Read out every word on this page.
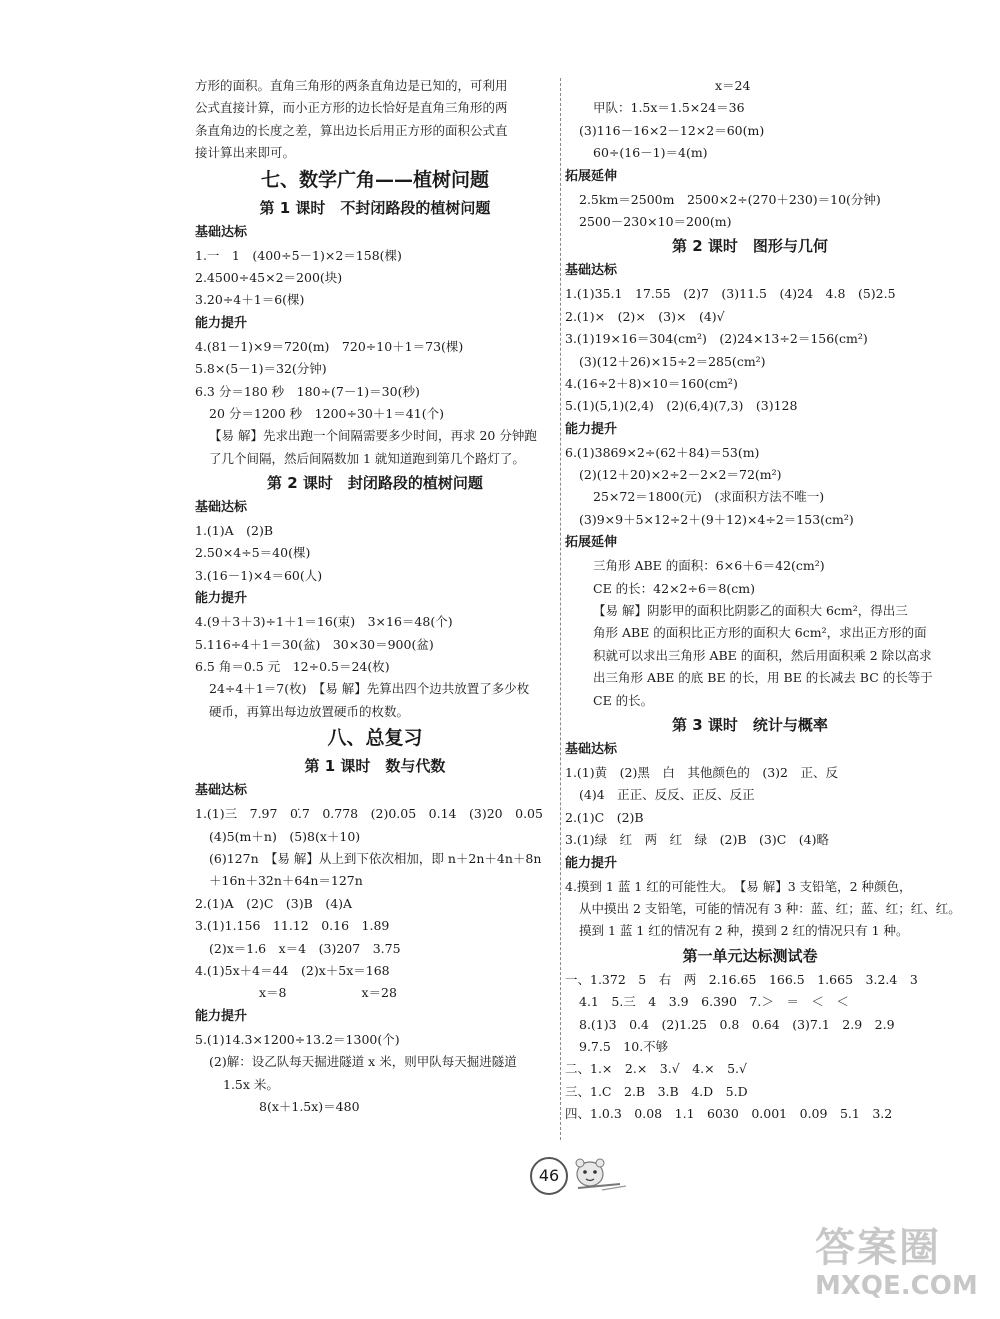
方形的面积。直角三角形的两条直角边是已知的，可利用
公式直接计算，而小正方形的边长恰好是直角三角形的两
条直角边的长度之差，算出边长后用正方形的面积公式直
接计算出来即可。
七、数学广角——植树问题
第 1 课时　不封闭路段的植树问题
基础达标
1.一　1　(400÷5－1)×2＝158(棵)
2.4500÷45×2＝200(块)
3.20÷4＋1＝6(棵)
能力提升
4.(81－1)×9＝720(m)　720÷10＋1＝73(棵)
5.8×(5－1)＝32(分钟)
6.3 分＝180 秒　180÷(7－1)＝30(秒)
20 分＝1200 秒　1200÷30＋1＝41(个)
【易 解】先求出跑一个间隔需要多少时间，再求 20 分钟跑
了几个间隔，然后间隔数加 1 就知道跑到第几个路灯了。
第 2 课时　封闭路段的植树问题
基础达标
1.(1)A　(2)B
2.50×4÷5＝40(棵)
3.(16－1)×4＝60(人)
能力提升
4.(9＋3＋3)÷1＋1＝16(束)　3×16＝48(个)
5.116÷4＋1＝30(盆)　30×30＝900(盆)
6.5 角＝0.5 元　12÷0.5＝24(枚)
24÷4＋1＝7(枚)　【易 解】先算出四个边共放置了多少枚
硬币，再算出每边放置硬币的枚数。
八、总复习
第 1 课时　数与代数
基础达标
1.(1)三　7.97　0.̇7　0.778　(2)0.05　0.14　(3)20　0.05
(4)5(m＋n)　(5)8(x＋10)
(6)127n　【易 解】从上到下依次相加，即 n＋2n＋4n＋8n
＋16n＋32n＋64n＝127n
2.(1)A　(2)C　(3)B　(4)A
3.(1)1.156　11.12　0.16　1.89
(2)x＝1.6　x＝4　(3)207　3.75
4.(1)5x＋4＝44　(2)x＋5x＝168
x＝8　　　　　　x＝28
能力提升
5.(1)14.3×1200÷13.2＝1300(个)
(2)解：设乙队每天掘进隧道 x 米，则甲队每天掘进隧道
1.5x 米。
8(x＋1.5x)＝480
x＝24
甲队：1.5x＝1.5×24＝36
(3)116－16×2－12×2＝60(m)
60÷(16－1)＝4(m)
拓展延伸
2.5km＝2500m　2500×2÷(270＋230)＝10(分钟)
2500－230×10＝200(m)
第 2 课时　图形与几何
基础达标
1.(1)35.1　17.55　(2)7　(3)11.5　(4)24　4.8　(5)2.5
2.(1)×　(2)×　(3)×　(4)√
3.(1)19×16＝304(cm²)　(2)24×13÷2＝156(cm²)
(3)(12＋26)×15÷2＝285(cm²)
4.(16÷2＋8)×10＝160(cm²)
5.(1)(5,1)(2,4)　(2)(6,4)(7,3)　(3)128
能力提升
6.(1)3869×2÷(62＋84)＝53(m)
(2)(12＋20)×2÷2－2×2＝72(m²)
25×72＝1800(元)　(求面积方法不唯一)
(3)9×9＋5×12÷2＋(9＋12)×4÷2＝153(cm²)
拓展延伸
三角形 ABE 的面积：6×6＋6＝42(cm²)
CE 的长：42×2÷6＝8(cm)
【易 解】阴影甲的面积比阴影乙的面积大 6cm²，得出三
角形 ABE 的面积比正方形的面积大 6cm²，求出正方形的面
积就可以求出三角形 ABE 的面积，然后用面积乘 2 除以高求
出三角形 ABE 的底 BE 的长，用 BE 的长减去 BC 的长等于
CE 的长。
第 3 课时　统计与概率
基础达标
1.(1)黄　(2)黑　白　其他颜色的　(3)2　正、反
(4)4　正正、反反、正反、反正
2.(1)C　(2)B
3.(1)绿　红　两　红　绿　(2)B　(3)C　(4)略
能力提升
4.摸到 1 蓝 1 红的可能性大。　【易 解】3 支铅笔，2 种颜色，
从中摸出 2 支铅笔，可能的情况有 3 种：蓝、红；蓝、红；红、红。
摸到 1 蓝 1 红的情况有 2 种，摸到 2 红的情况只有 1 种。
第一单元达标测试卷
一、1.372　5　右　两　2.16.65　166.5　1.665　3.2.4　3
4.1　5.三　4　3.9　6.390　7.＞　＝　＜　＜
8.(1)3　0.4　(2)1.25　0.8　0.64　(3)7.1　2.9　2.9
9.7.5　10.不够
二、1.×　2.×　3.√　4.×　5.√
三、1.C　2.B　3.B　4.D　5.D
四、1.0.3　0.08　1.1　6030　0.001　0.09　5.1　3.2
46
答案圈
MXQE.COM
